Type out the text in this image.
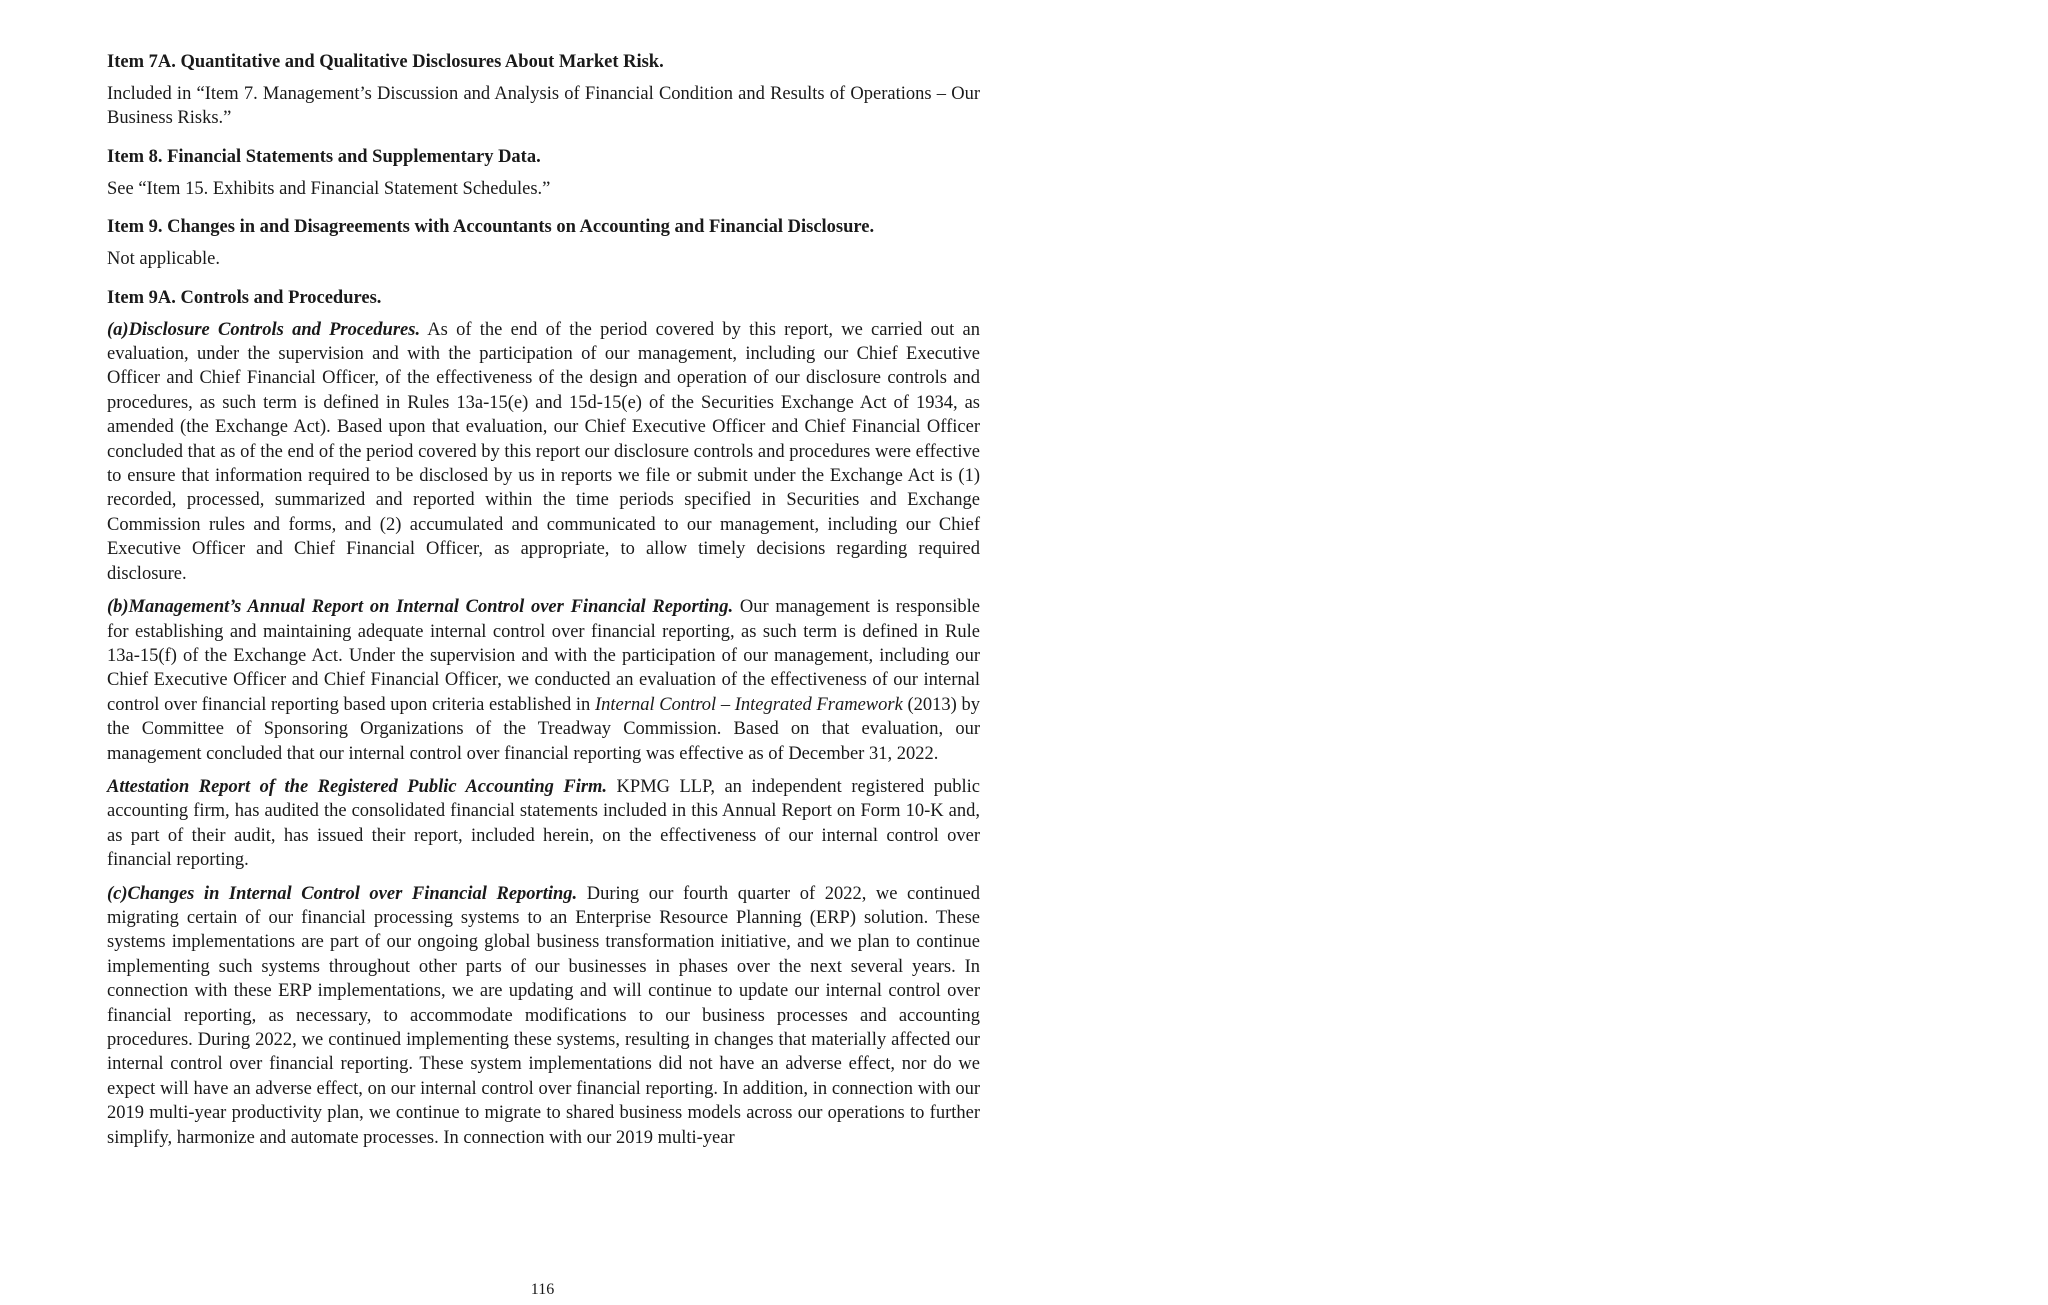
Item 7A. Quantitative and Qualitative Disclosures About Market Risk.
Included in “Item 7. Management’s Discussion and Analysis of Financial Condition and Results of Operations – Our Business Risks.”
Item 8. Financial Statements and Supplementary Data.
See “Item 15. Exhibits and Financial Statement Schedules.”
Item 9. Changes in and Disagreements with Accountants on Accounting and Financial Disclosure.
Not applicable.
Item 9A. Controls and Procedures.
(a)Disclosure Controls and Procedures. As of the end of the period covered by this report, we carried out an evaluation, under the supervision and with the participation of our management, including our Chief Executive Officer and Chief Financial Officer, of the effectiveness of the design and operation of our disclosure controls and procedures, as such term is defined in Rules 13a-15(e) and 15d-15(e) of the Securities Exchange Act of 1934, as amended (the Exchange Act). Based upon that evaluation, our Chief Executive Officer and Chief Financial Officer concluded that as of the end of the period covered by this report our disclosure controls and procedures were effective to ensure that information required to be disclosed by us in reports we file or submit under the Exchange Act is (1) recorded, processed, summarized and reported within the time periods specified in Securities and Exchange Commission rules and forms, and (2) accumulated and communicated to our management, including our Chief Executive Officer and Chief Financial Officer, as appropriate, to allow timely decisions regarding required disclosure.
(b)Management’s Annual Report on Internal Control over Financial Reporting. Our management is responsible for establishing and maintaining adequate internal control over financial reporting, as such term is defined in Rule 13a-15(f) of the Exchange Act. Under the supervision and with the participation of our management, including our Chief Executive Officer and Chief Financial Officer, we conducted an evaluation of the effectiveness of our internal control over financial reporting based upon criteria established in Internal Control – Integrated Framework (2013) by the Committee of Sponsoring Organizations of the Treadway Commission. Based on that evaluation, our management concluded that our internal control over financial reporting was effective as of December 31, 2022.
Attestation Report of the Registered Public Accounting Firm. KPMG LLP, an independent registered public accounting firm, has audited the consolidated financial statements included in this Annual Report on Form 10-K and, as part of their audit, has issued their report, included herein, on the effectiveness of our internal control over financial reporting.
(c)Changes in Internal Control over Financial Reporting. During our fourth quarter of 2022, we continued migrating certain of our financial processing systems to an Enterprise Resource Planning (ERP) solution. These systems implementations are part of our ongoing global business transformation initiative, and we plan to continue implementing such systems throughout other parts of our businesses in phases over the next several years. In connection with these ERP implementations, we are updating and will continue to update our internal control over financial reporting, as necessary, to accommodate modifications to our business processes and accounting procedures. During 2022, we continued implementing these systems, resulting in changes that materially affected our internal control over financial reporting. These system implementations did not have an adverse effect, nor do we expect will have an adverse effect, on our internal control over financial reporting. In addition, in connection with our 2019 multi-year productivity plan, we continue to migrate to shared business models across our operations to further simplify, harmonize and automate processes. In connection with our 2019 multi-year
116
